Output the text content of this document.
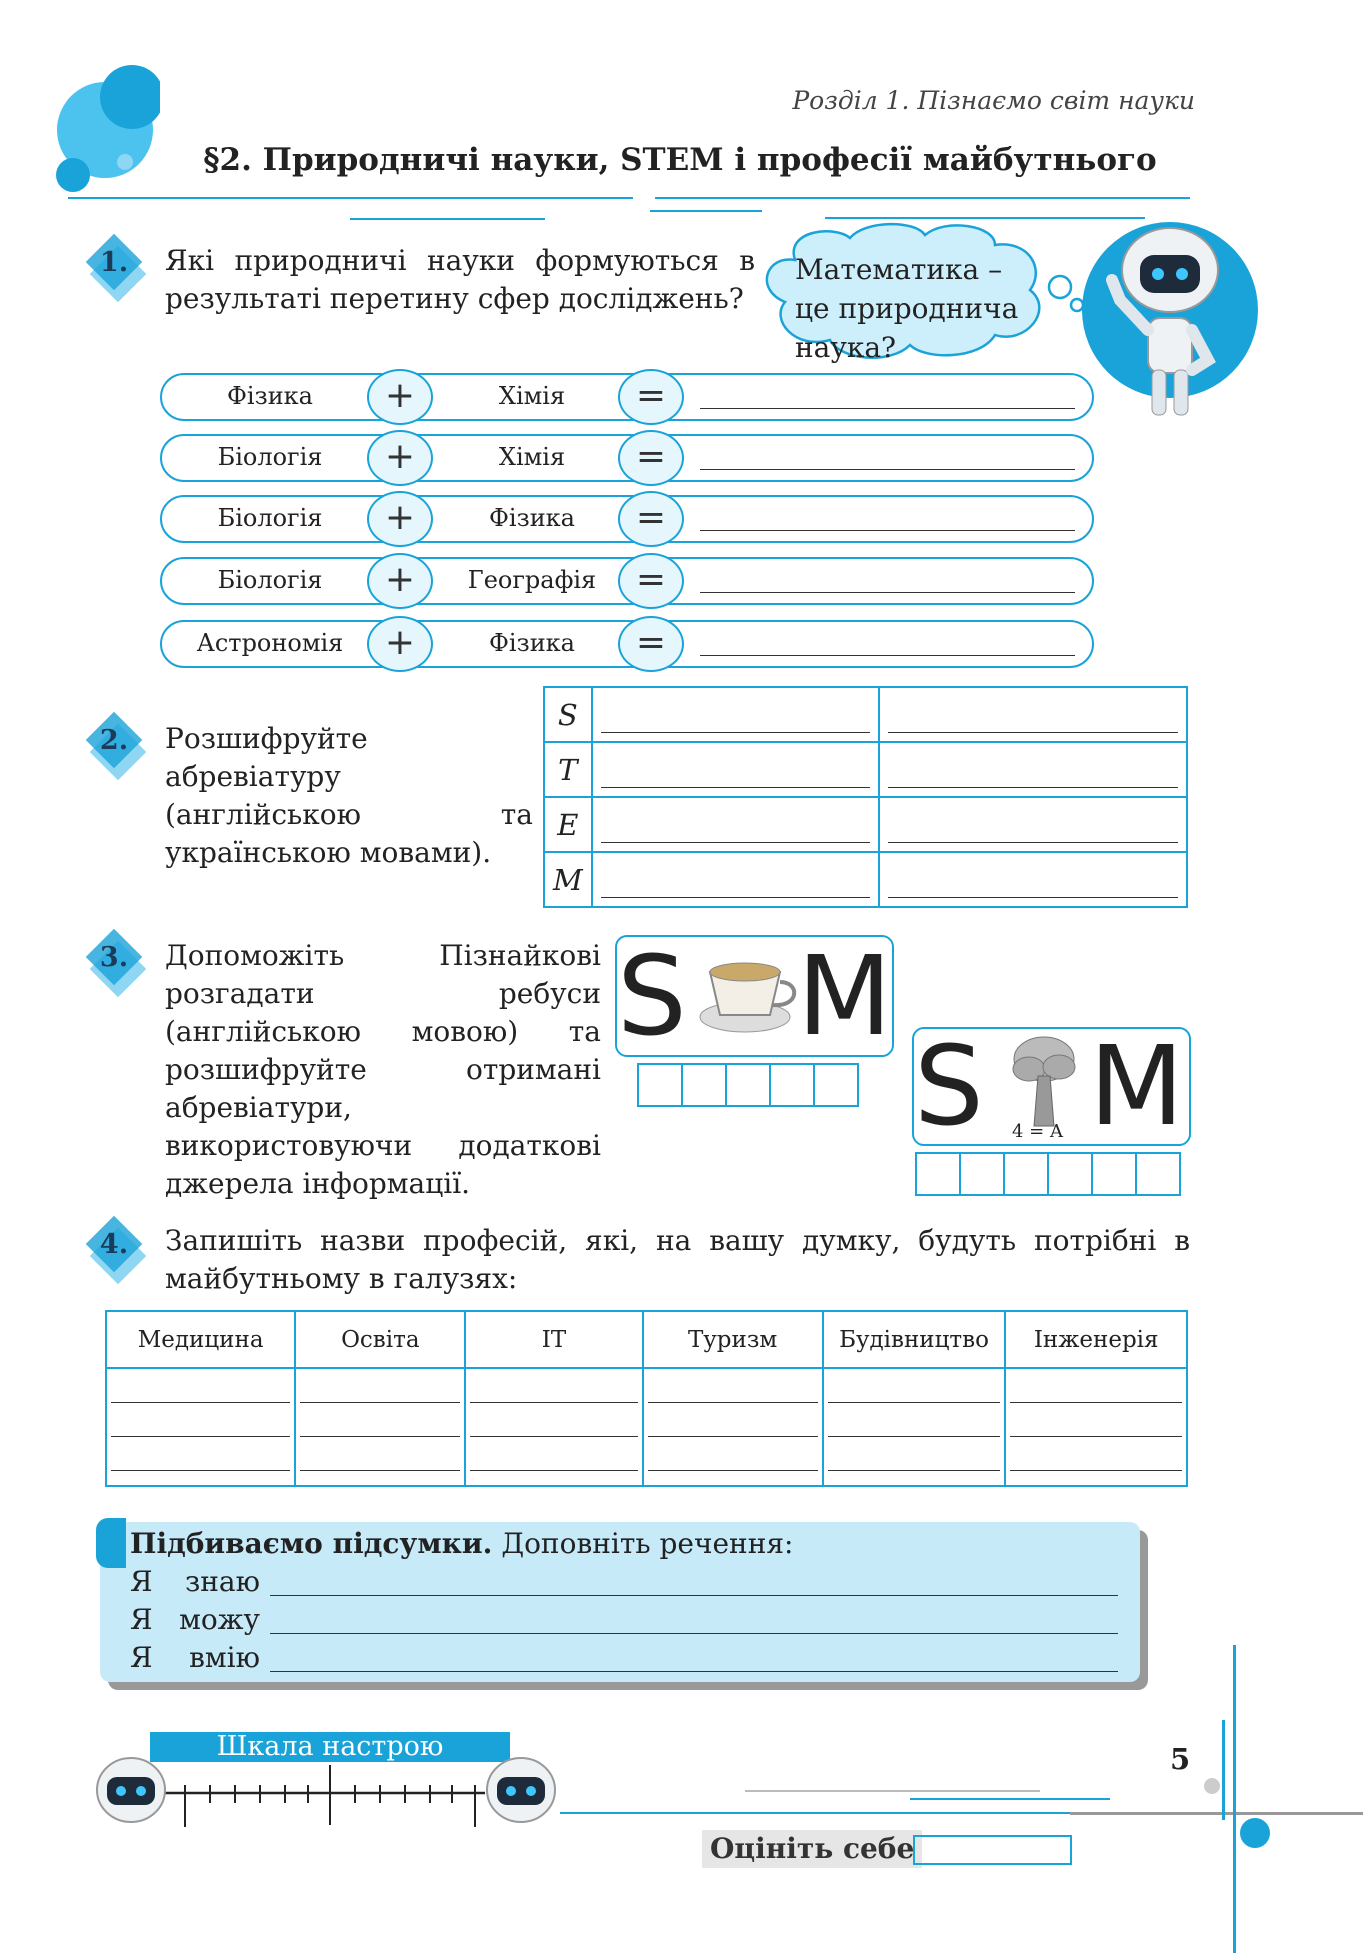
Розділ 1. Пізнаємо світ науки
§2. Природничі науки, STEM і професії майбутнього
1. Які природничі науки формуються в результаті перетину сфер досліджень?
Математика – це природнича наука?
Фізика	+	Хімія	=
Біологія	+	Хімія	=
Біологія	+	Фізика	=
Біологія	+	Географія	=
Астрономія	+	Фізика	=
2. Розшифруйте абревіатуру (англійською та українською мовами).
S	

T	

E	

M	

3. Допоможіть Пізнайкові розгадати ребуси (англійською мовою) та розшифруйте отримані абревіатури, використовуючи додаткові джерела інформації.
S M
S M
4 = A
4. Запишіть назви професій, які, на вашу думку, будуть потрібні в майбутньому в галузях:
Медицина	Освіта	IT	Туризм	Будівництво	Інженерія

Підбиваємо підсумки. Доповніть речення:
Я знаю
Я можу
Я вмію
Шкала настрою	5
Оцініть себе
